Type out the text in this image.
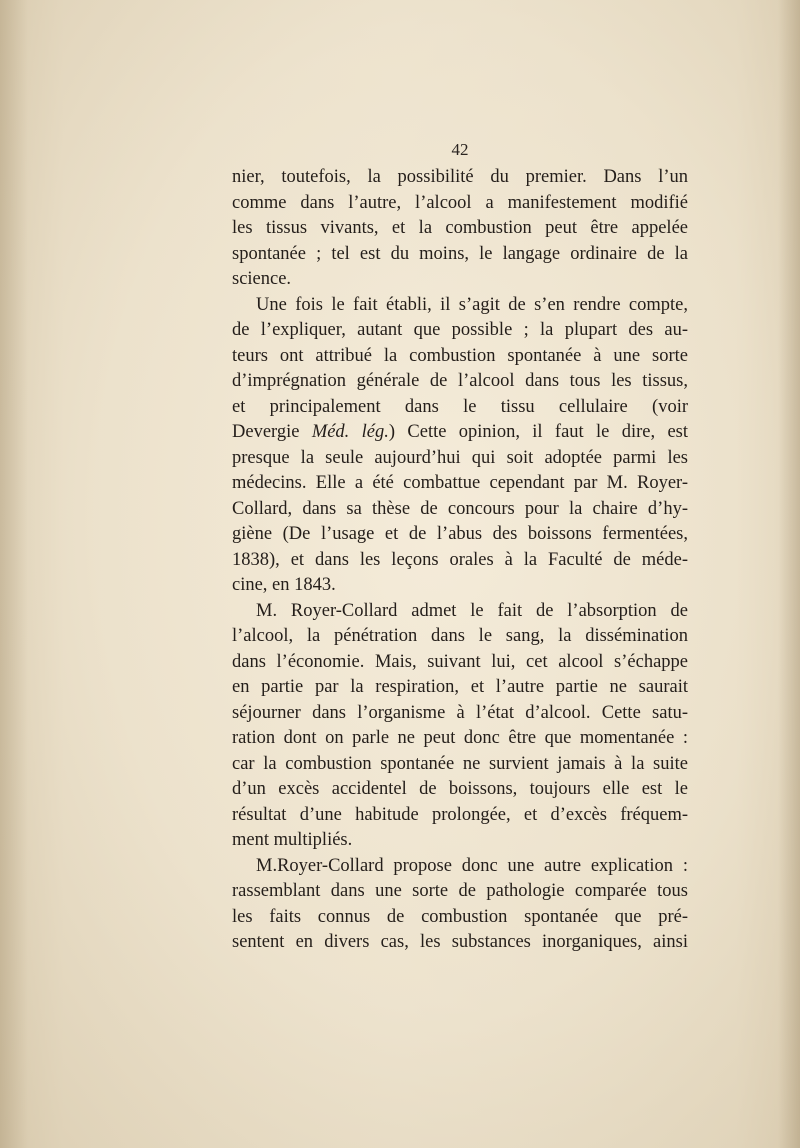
42
nier, toutefois, la possibilité du premier. Dans l’un
comme dans l’autre, l’alcool a manifestement modifié
les tissus vivants, et la combustion peut être appelée
spontanée ; tel est du moins, le langage ordinaire de la
science.
Une fois le fait établi, il s’agit de s’en rendre compte,
de l’expliquer, autant que possible ; la plupart des au-
teurs ont attribué la combustion spontanée à une sorte
d’imprégnation générale de l’alcool dans tous les tissus,
et principalement dans le tissu cellulaire (voir
Devergie Méd. lég.) Cette opinion, il faut le dire, est
presque la seule aujourd’hui qui soit adoptée parmi les
médecins. Elle a été combattue cependant par M. Royer-
Collard, dans sa thèse de concours pour la chaire d’hy-
giène (De l’usage et de l’abus des boissons fermentées,
1838), et dans les leçons orales à la Faculté de méde-
cine, en 1843.
M. Royer-Collard admet le fait de l’absorption de
l’alcool, la pénétration dans le sang, la dissémination
dans l’économie. Mais, suivant lui, cet alcool s’échappe
en partie par la respiration, et l’autre partie ne saurait
séjourner dans l’organisme à l’état d’alcool. Cette satu-
ration dont on parle ne peut donc être que momentanée :
car la combustion spontanée ne survient jamais à la suite
d’un excès accidentel de boissons, toujours elle est le
résultat d’une habitude prolongée, et d’excès fréquem-
ment multipliés.
M.Royer-Collard propose donc une autre explication :
rassemblant dans une sorte de pathologie comparée tous
les faits connus de combustion spontanée que pré-
sentent en divers cas, les substances inorganiques, ainsi
